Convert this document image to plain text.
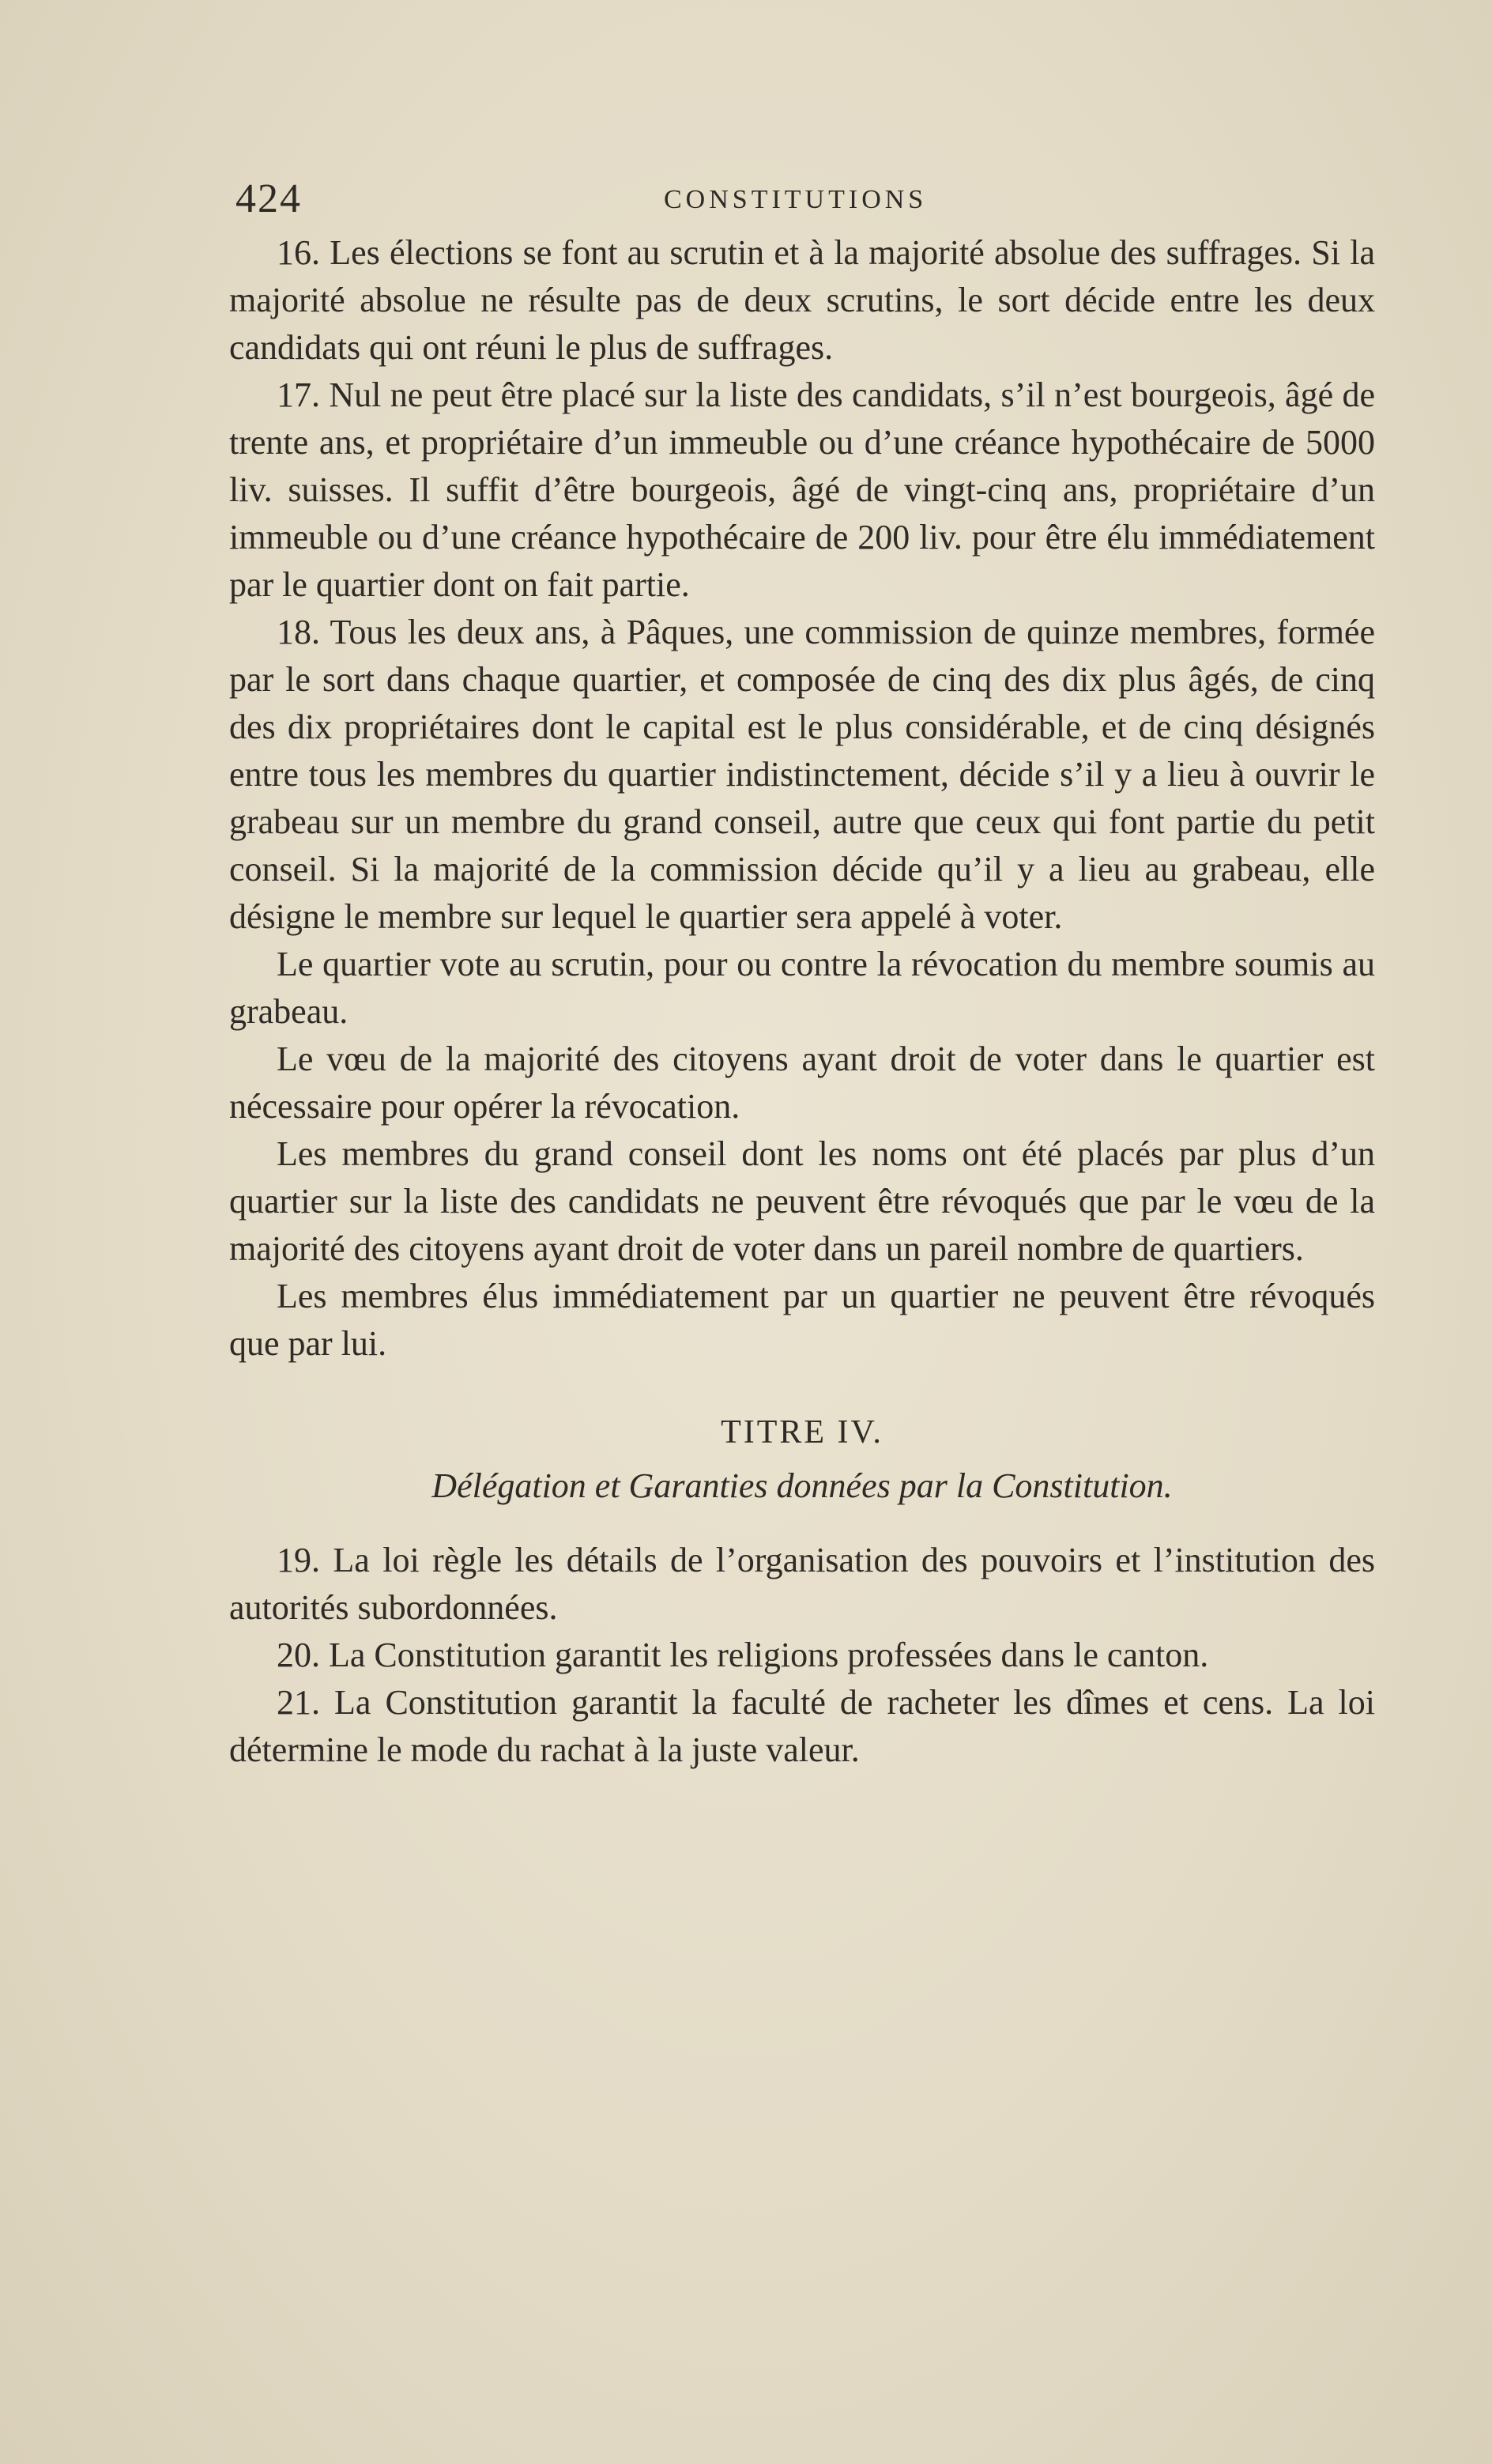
424	CONSTITUTIONS

16. Les élections se font au scrutin et à la majorité absolue des suffrages. Si la majorité absolue ne résulte pas de deux scrutins, le sort décide entre les deux candidats qui ont réuni le plus de suffrages.

17. Nul ne peut être placé sur la liste des candidats, s’il n’est bourgeois, âgé de trente ans, et propriétaire d’un immeuble ou d’une créance hypothécaire de 5000 liv. suisses. Il suffit d’être bourgeois, âgé de vingt-cinq ans, propriétaire d’un immeuble ou d’une créance hypothécaire de 200 liv. pour être élu immédiatement par le quartier dont on fait partie.

18. Tous les deux ans, à Pâques, une commission de quinze membres, formée par le sort dans chaque quartier, et composée de cinq des dix plus âgés, de cinq des dix propriétaires dont le capital est le plus considérable, et de cinq désignés entre tous les membres du quartier indistinctement, décide s’il y a lieu à ouvrir le grabeau sur un membre du grand conseil, autre que ceux qui font partie du petit conseil. Si la majorité de la commission décide qu’il y a lieu au grabeau, elle désigne le membre sur lequel le quartier sera appelé à voter.

Le quartier vote au scrutin, pour ou contre la révocation du membre soumis au grabeau.

Le vœu de la majorité des citoyens ayant droit de voter dans le quartier est nécessaire pour opérer la révocation.

Les membres du grand conseil dont les noms ont été placés par plus d’un quartier sur la liste des candidats ne peuvent être révoqués que par le vœu de la majorité des citoyens ayant droit de voter dans un pareil nombre de quartiers.

Les membres élus immédiatement par un quartier ne peuvent être révoqués que par lui.

TITRE IV.

Délégation et Garanties données par la Constitution.

19. La loi règle les détails de l’organisation des pouvoirs et l’institution des autorités subordonnées.

20. La Constitution garantit les religions professées dans le canton.

21. La Constitution garantit la faculté de racheter les dîmes et cens. La loi détermine le mode du rachat à la juste valeur.
